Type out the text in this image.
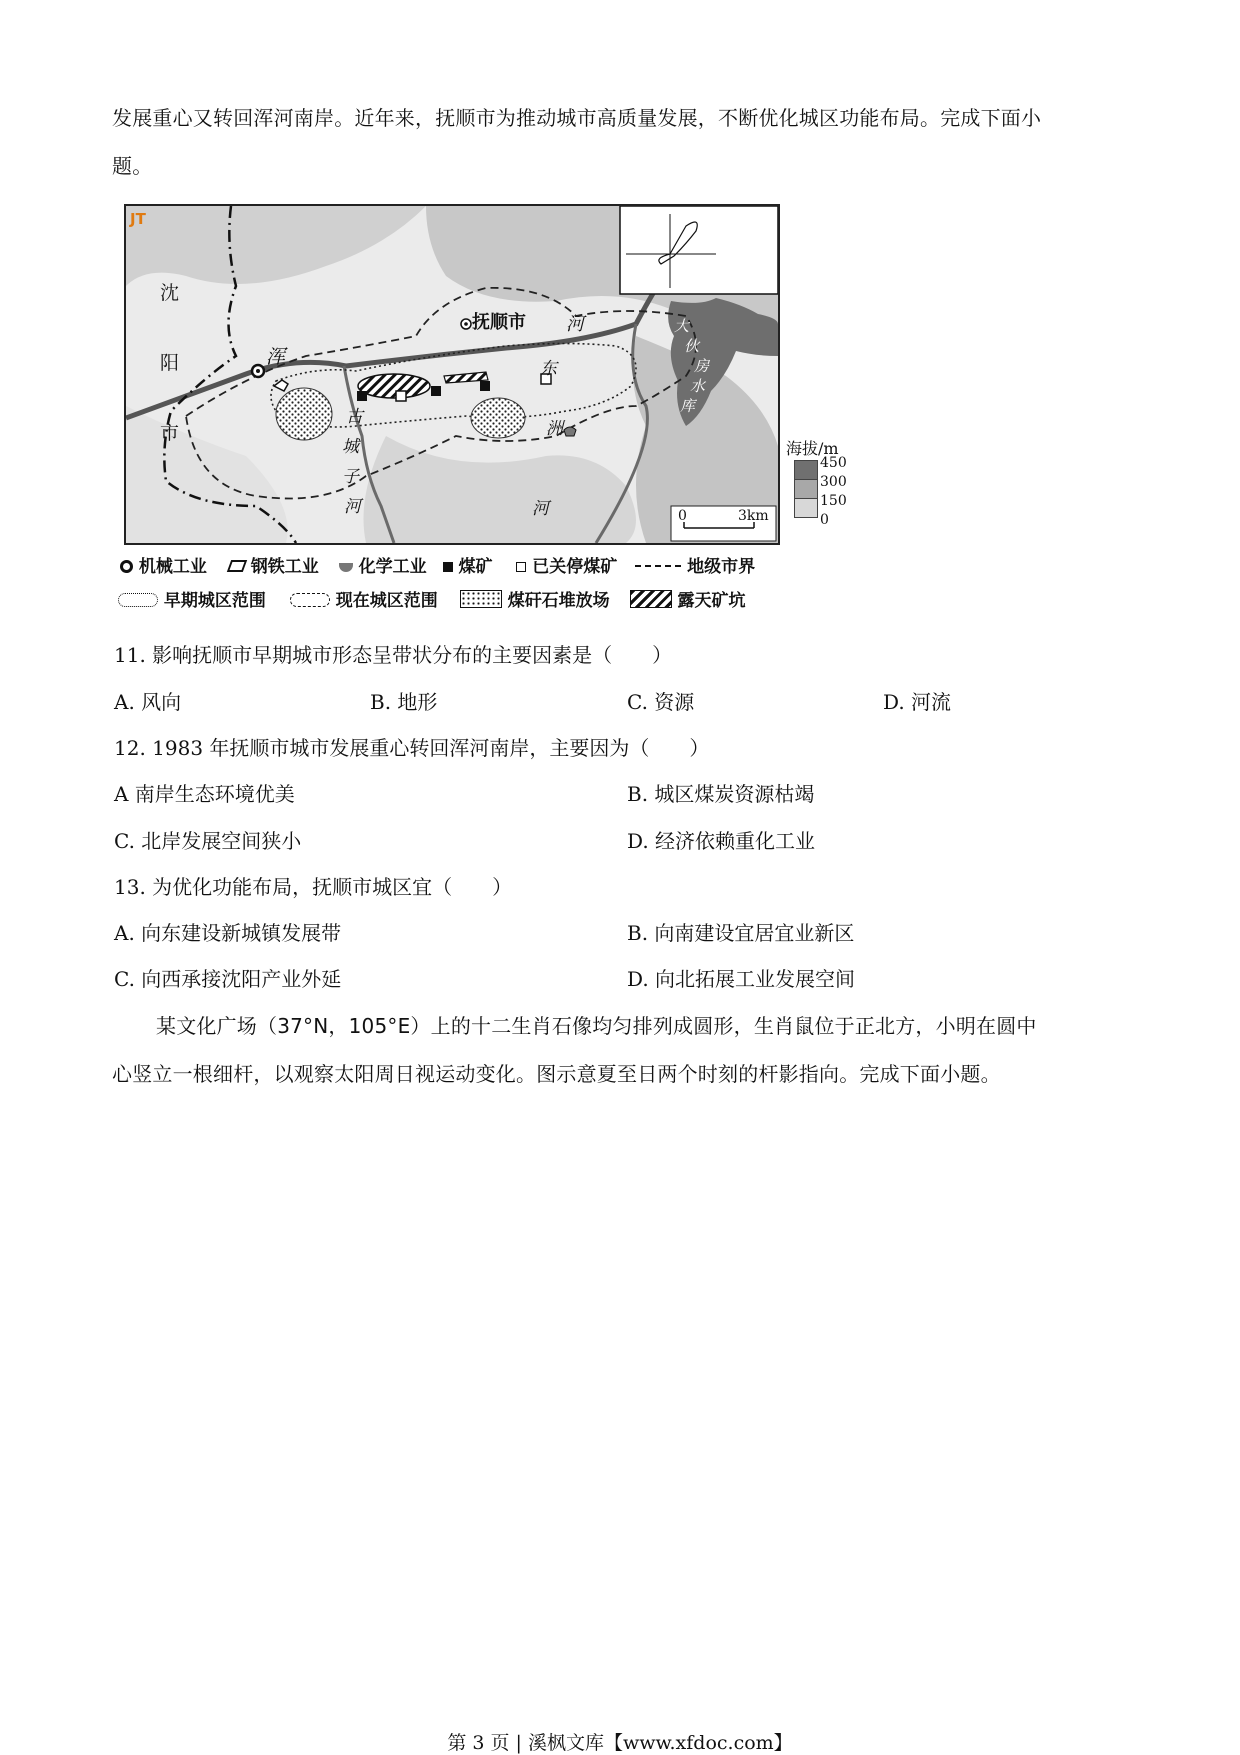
发展重心又转回浑河南岸。近年来，抚顺市为推动城市高质量发展，不断优化城区功能布局。完成下面小
题。
JT
沈
阳
市
浑
抚顺市 河
东
洲
河
古
城
子
河
大
伙
房
水
库
0	3km
海拔/m
450
300
150
0
机械工业	钢铁工业 化学工业 煤矿 已关停煤矿	地级市界
早期城区范围	现在城区范围	煤矸石堆放场	露天矿坑
11. 影响抚顺市早期城市形态呈带状分布的主要因素是（　　）
A. 风向	B. 地形	C. 资源	D. 河流
12. 1983 年抚顺市城市发展重心转回浑河南岸，主要因为（　　）
A 南岸生态环境优美	B. 城区煤炭资源枯竭
C. 北岸发展空间狭小	D. 经济依赖重化工业
13. 为优化功能布局，抚顺市城区宜（　　）
A. 向东建设新城镇发展带	B. 向南建设宜居宜业新区
C. 向西承接沈阳产业外延	D. 向北拓展工业发展空间
某文化广场（37°N，105°E）上的十二生肖石像均匀排列成圆形，生肖鼠位于正北方，小明在圆中
心竖立一根细杆，以观察太阳周日视运动变化。图示意夏至日两个时刻的杆影指向。完成下面小题。
第 3 页 | 溪枫文库【www.xfdoc.com】
